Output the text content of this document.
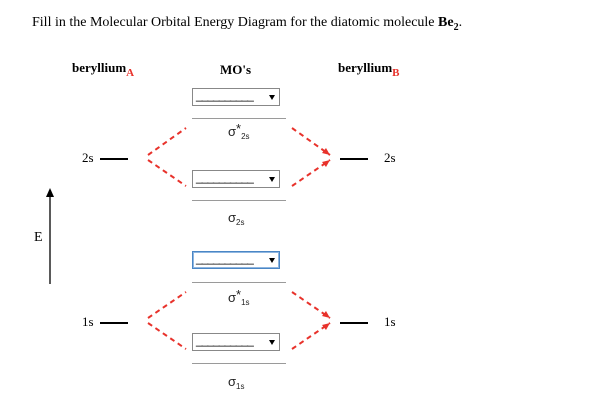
Fill in the Molecular Orbital Energy Diagram for the diatomic molecule $Be_2$.
beryllium$_A$	MO's	beryllium$_B$
E
2s
1s
2s
1s
__________
$\sigma*_{2s}$
__________
$\sigma_{2s}$
__________
$\sigma*_{1s}$
__________
$\sigma_{1s}$
